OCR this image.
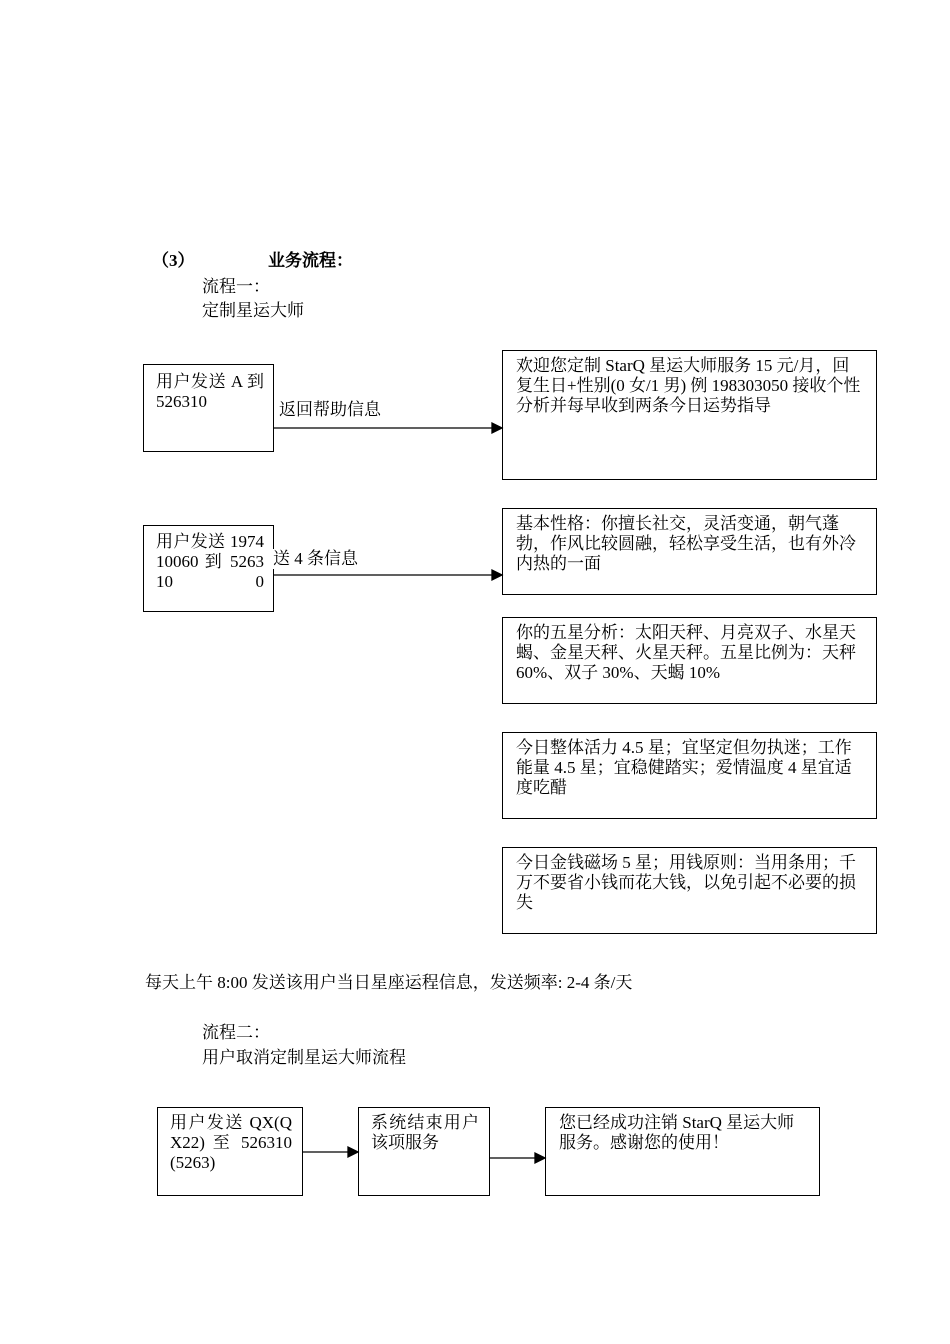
（3）	业务流程：
流程一：
定制星运大师
用户发送 A 到 526310	返回帮助信息
欢迎您定制 StarQ 星运大师服务 15 元/月，回复生日+性别(0 女/1 男) 例 198303050 接收个性分析并每早收到两条今日运势指导
用户发送 197410060 到 526310 0
送 4 条信息
基本性格：你擅长社交，灵活变通，朝气蓬勃，作风比较圆融，轻松享受生活，也有外冷内热的一面
你的五星分析：太阳天秤、月亮双子、水星天蝎、金星天秤、火星天秤。五星比例为：天秤 60%、双子 30%、天蝎 10%
今日整体活力 4.5 星；宜坚定但勿执迷；工作能量 4.5 星；宜稳健踏实；爱情温度 4 星宜适度吃醋
今日金钱磁场 5 星；用钱原则：当用条用；千万不要省小钱而花大钱，以免引起不必要的损失
每天上午 8:00 发送该用户当日星座运程信息，发送频率: 2-4 条/天
流程二：
用户取消定制星运大师流程
用户发送 QX(QX22) 至 526310(5263)
系统结束用户该项服务
您已经成功注销 StarQ 星运大师服务。感谢您的使用！
